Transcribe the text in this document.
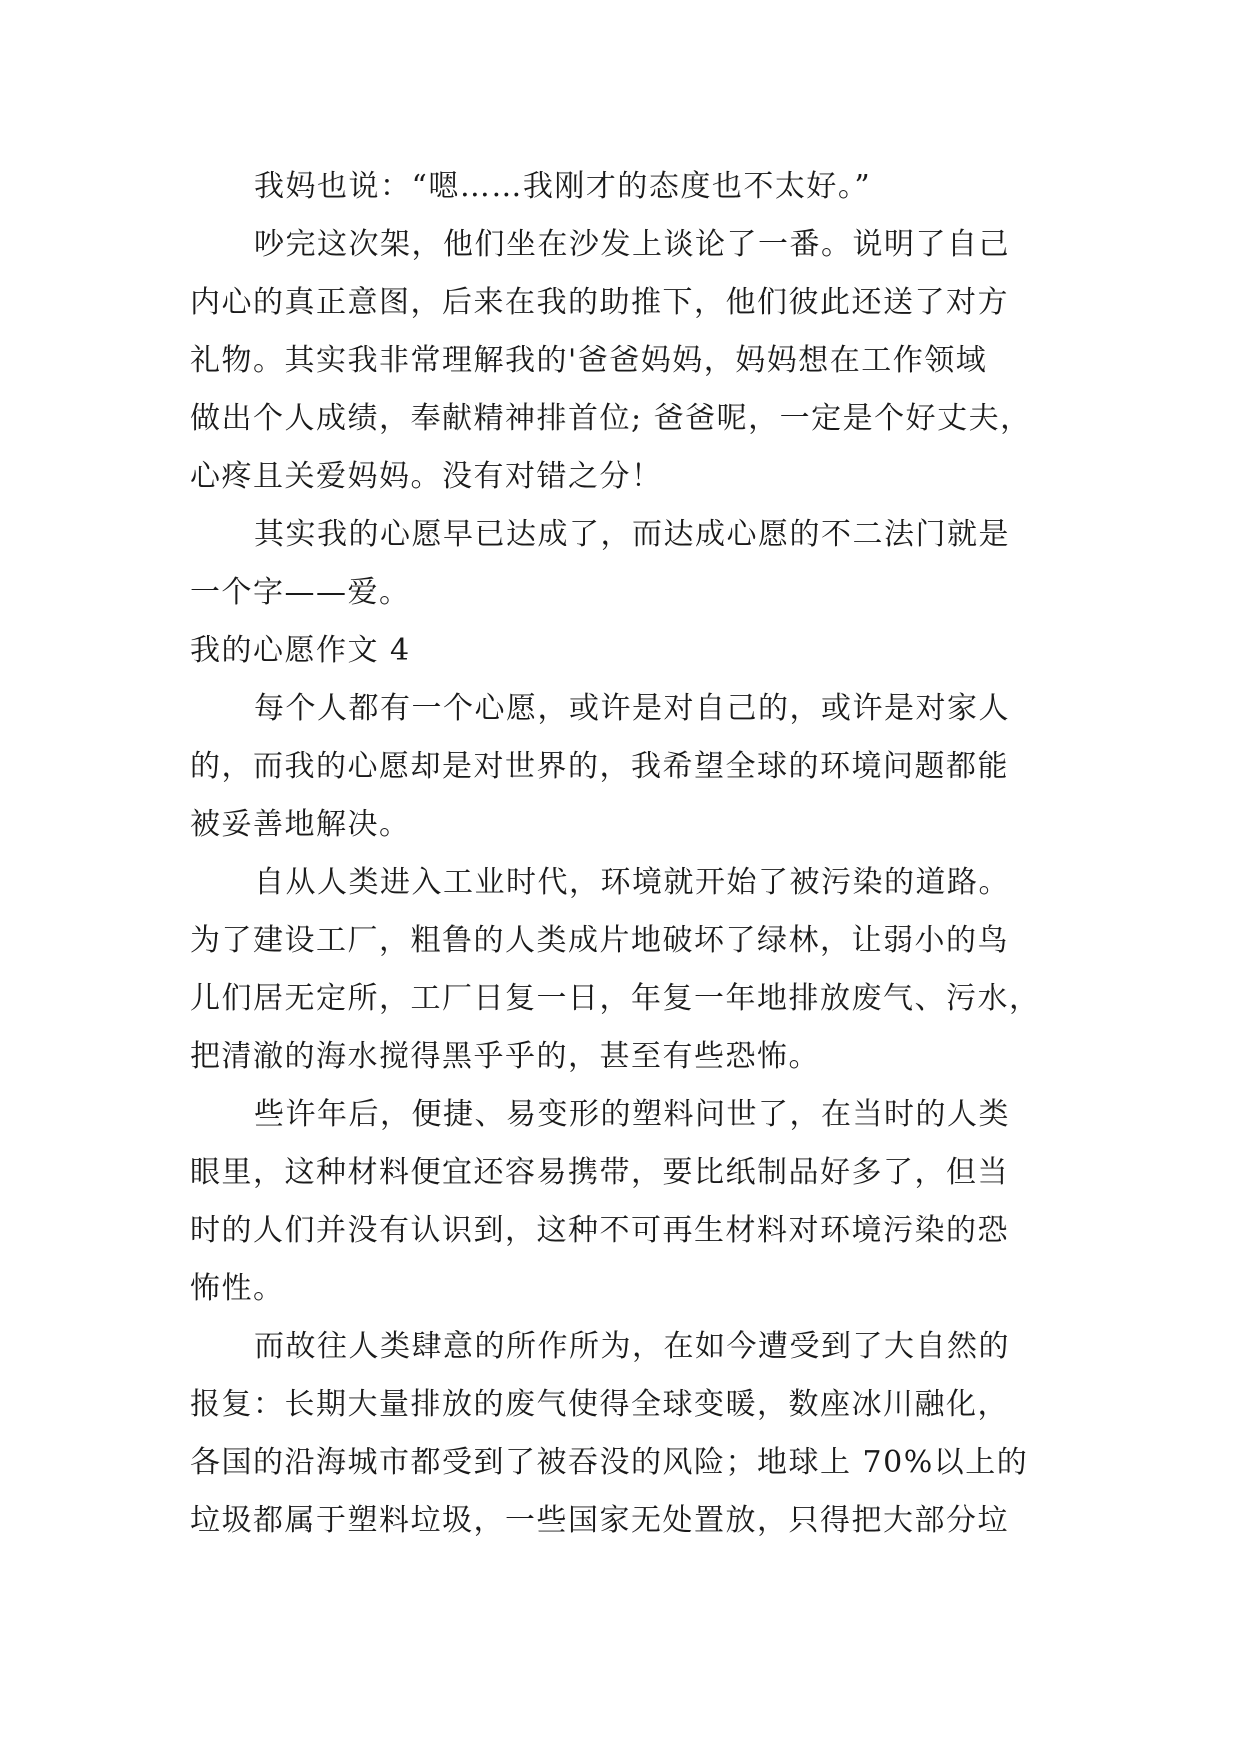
我妈也说：“嗯……我刚才的态度也不太好。”
吵完这次架，他们坐在沙发上谈论了一番。说明了自己
内心的真正意图，后来在我的助推下，他们彼此还送了对方
礼物。其实我非常理解我的'爸爸妈妈，妈妈想在工作领域
做出个人成绩，奉献精神排首位; 爸爸呢，一定是个好丈夫，
心疼且关爱妈妈。没有对错之分！
其实我的心愿早已达成了，而达成心愿的不二法门就是
一个字——爱。
我的心愿作文 4
每个人都有一个心愿，或许是对自己的，或许是对家人
的，而我的心愿却是对世界的，我希望全球的环境问题都能
被妥善地解决。
自从人类进入工业时代，环境就开始了被污染的道路。
为了建设工厂，粗鲁的人类成片地破坏了绿林，让弱小的鸟
儿们居无定所，工厂日复一日，年复一年地排放废气、污水，
把清澈的海水搅得黑乎乎的，甚至有些恐怖。
些许年后，便捷、易变形的塑料问世了，在当时的人类
眼里，这种材料便宜还容易携带，要比纸制品好多了，但当
时的人们并没有认识到，这种不可再生材料对环境污染的恐
怖性。
而故往人类肆意的所作所为，在如今遭受到了大自然的
报复：长期大量排放的废气使得全球变暖，数座冰川融化，
各国的沿海城市都受到了被吞没的风险；地球上 70%以上的
垃圾都属于塑料垃圾，一些国家无处置放，只得把大部分垃
